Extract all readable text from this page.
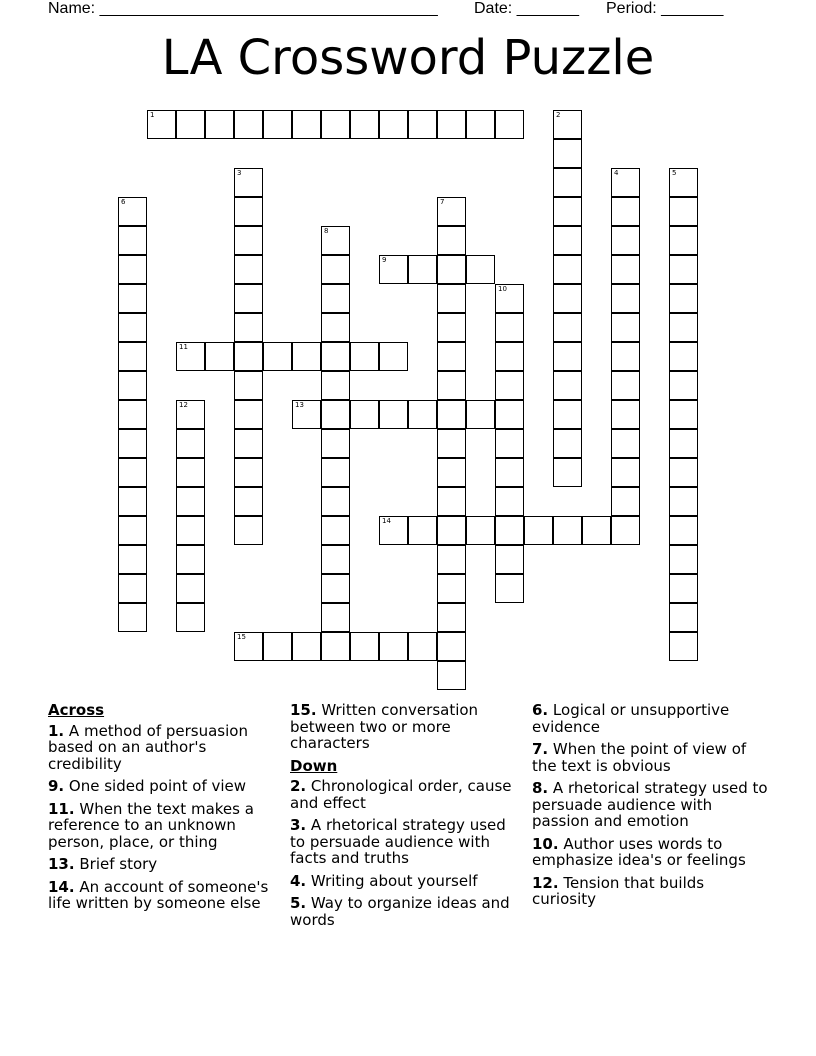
Name: ______________________________________ Date: _______ Period: _______
LA Crossword Puzzle
1	2
3	4	5
6	7
8
9
10
11
12	13
14
15
Across
1. A method of persuasion based on an author's credibility
9. One sided point of view
11. When the text makes a reference to an unknown person, place, or thing
13. Brief story
14. An account of someone's life written by someone else
15. Written conversation between two or more characters
Down
2. Chronological order, cause and effect
3. A rhetorical strategy used to persuade audience with facts and truths
4. Writing about yourself
5. Way to organize ideas and words
6. Logical or unsupportive evidence
7. When the point of view of the text is obvious
8. A rhetorical strategy used to persuade audience with passion and emotion
10. Author uses words to emphasize idea's or feelings
12. Tension that builds curiosity
